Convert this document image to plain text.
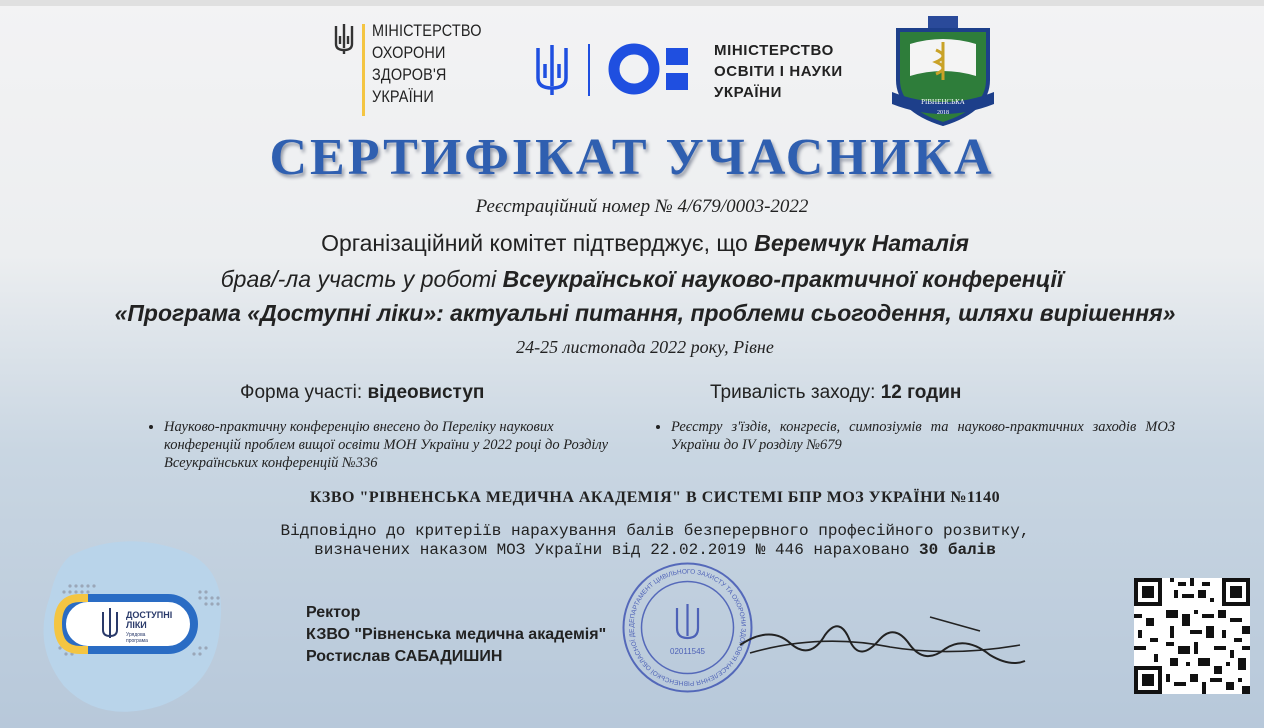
МІНІСТЕРСТВО
ОХОРОНИ
ЗДОРОВ'Я
УКРАЇНИ
МІНІСТЕРСТВО
ОСВІТИ І НАУКИ
УКРАЇНИ
РІВНЕНСЬКА
2018
СЕРТИФІКАТ УЧАСНИКА
Реєстраційний номер № 4/679/0003-2022
Організаційний комітет підтверджує, що Веремчук Наталія
брав/-ла участь у роботі Всеукраїнської науково-практичної конференції
«Програма «Доступні ліки»: актуальні питання, проблеми сьогодення, шляхи вирішення»
24-25 листопада 2022 року, Рівне
Форма участі: відеовиступ	Тривалість заходу: 12 годин
• Науково-практичну конференцію внесено до Переліку наукових конференцій проблем вищої освіти МОН України у 2022 році до Розділу Всеукраїнських конференцій №336
• Реєстру з'їздів, конгресів, симпозіумів та науково-практичних заходів МОЗ України до IV розділу №679
КЗВО "РІВНЕНСЬКА МЕДИЧНА АКАДЕМІЯ" В СИСТЕМІ БПР МОЗ УКРАЇНИ №1140
Відповідно до критеріїв нарахування балів безперервного професійного розвитку,
визначених наказом МОЗ України від 22.02.2019 № 446 нараховано 30 балів
ДОСТУПНІ
ЛІКИ
Урядова
програма
Ректор
КЗВО "Рівненська медична академія"
Ростислав САБАДИШИН
ДЕПАРТАМЕНТ ЦИВІЛЬНОГО ЗАХИСТУ ТА ОХОРОНИ ЗДОРОВ'Я НАСЕЛЕННЯ РІВНЕНСЬКОЇ ОБЛАСНОЇ ДЕ
02011545
